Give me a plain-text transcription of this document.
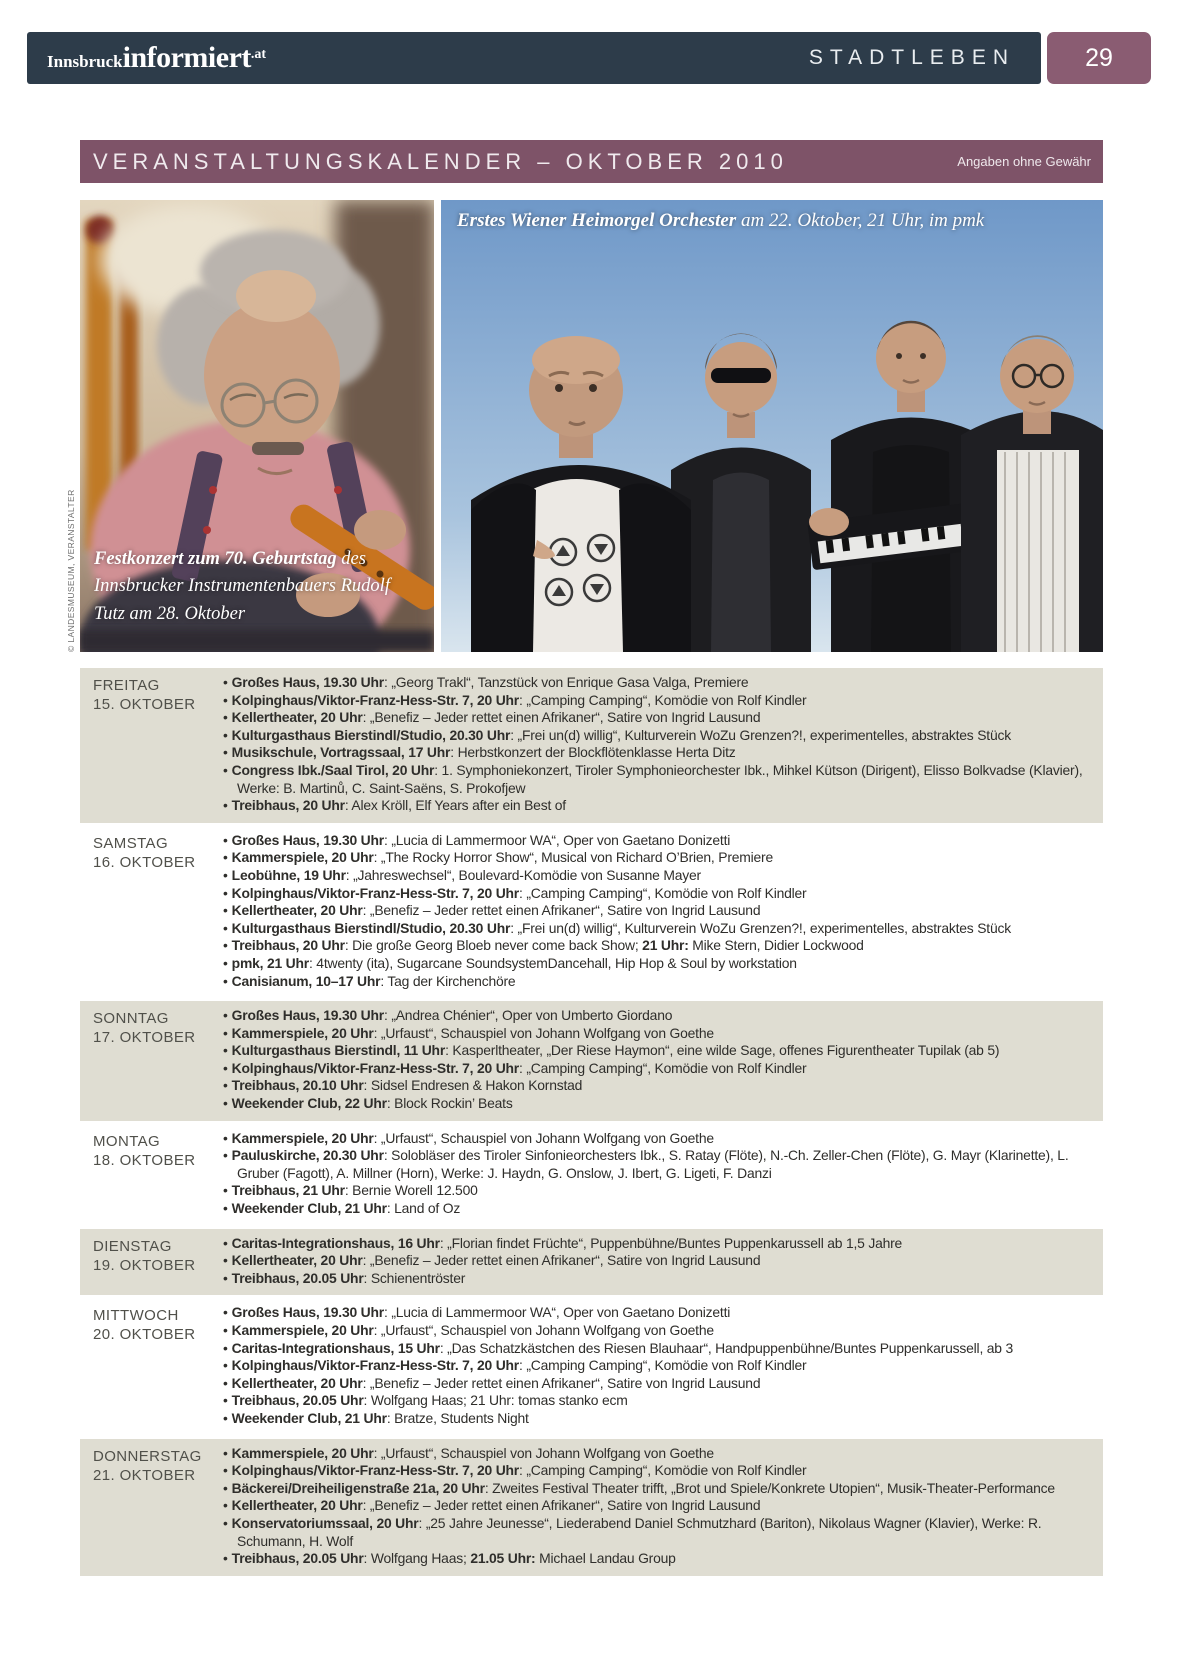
Innsbruckinformiert.at	STADTLEBEN	29
VERANSTALTUNGSKALENDER – OKTOBER 2010	Angaben ohne Gewähr
Festkonzert zum 70. Geburtstag des Innsbrucker Instrumentenbauers Rudolf Tutz am 28. Oktober
Erstes Wiener Heimorgel Orchester am 22. Oktober, 21 Uhr, im pmk
© LANDESMUSEUM, VERANSTALTER
FREITAG
15. OKTOBER
• Großes Haus, 19.30 Uhr: „Georg Trakl“, Tanzstück von Enrique Gasa Valga, Premiere
• Kolpinghaus/Viktor-Franz-Hess-Str. 7, 20 Uhr: „Camping Camping“, Komödie von Rolf Kindler
• Kellertheater, 20 Uhr: „Benefiz – Jeder rettet einen Afrikaner“, Satire von Ingrid Lausund
• Kulturgasthaus Bierstindl/Studio, 20.30 Uhr: „Frei un(d) willig“, Kulturverein WoZu Grenzen?!, experimentelles, abstraktes Stück
• Musikschule, Vortragssaal, 17 Uhr: Herbstkonzert der Blockflötenklasse Herta Ditz
• Congress Ibk./Saal Tirol, 20 Uhr: 1. Symphoniekonzert, Tiroler Symphonieorchester Ibk., Mihkel Kütson (Dirigent), Elisso Bolkvadse (Klavier), Werke: B. Martinů, C. Saint-Saëns, S. Prokofjew
• Treibhaus, 20 Uhr: Alex Kröll, Elf Years after ein Best of
SAMSTAG
16. OKTOBER
• Großes Haus, 19.30 Uhr: „Lucia di Lammermoor WA“, Oper von Gaetano Donizetti
• Kammerspiele, 20 Uhr: „The Rocky Horror Show“, Musical von Richard O’Brien, Premiere
• Leobühne, 19 Uhr: „Jahreswechsel“, Boulevard-Komödie von Susanne Mayer
• Kolpinghaus/Viktor-Franz-Hess-Str. 7, 20 Uhr: „Camping Camping“, Komödie von Rolf Kindler
• Kellertheater, 20 Uhr: „Benefiz – Jeder rettet einen Afrikaner“, Satire von Ingrid Lausund
• Kulturgasthaus Bierstindl/Studio, 20.30 Uhr: „Frei un(d) willig“, Kulturverein WoZu Grenzen?!, experimentelles, abstraktes Stück
• Treibhaus, 20 Uhr: Die große Georg Bloeb never come back Show; 21 Uhr: Mike Stern, Didier Lockwood
• pmk, 21 Uhr: 4twenty (ita), Sugarcane SoundsystemDancehall, Hip Hop & Soul by workstation
• Canisianum, 10–17 Uhr: Tag der Kirchenchöre
SONNTAG
17. OKTOBER
• Großes Haus, 19.30 Uhr: „Andrea Chénier“, Oper von Umberto Giordano
• Kammerspiele, 20 Uhr: „Urfaust“, Schauspiel von Johann Wolfgang von Goethe
• Kulturgasthaus Bierstindl, 11 Uhr: Kasperltheater, „Der Riese Haymon“, eine wilde Sage, offenes Figurentheater Tupilak (ab 5)
• Kolpinghaus/Viktor-Franz-Hess-Str. 7, 20 Uhr: „Camping Camping“, Komödie von Rolf Kindler
• Treibhaus, 20.10 Uhr: Sidsel Endresen & Hakon Kornstad
• Weekender Club, 22 Uhr: Block Rockin’ Beats
MONTAG
18. OKTOBER
• Kammerspiele, 20 Uhr: „Urfaust“, Schauspiel von Johann Wolfgang von Goethe
• Pauluskirche, 20.30 Uhr: Solobläser des Tiroler Sinfonieorchesters Ibk., S. Ratay (Flöte), N.-Ch. Zeller-Chen (Flöte), G. Mayr (Klarinette), L. Gruber (Fagott), A. Millner (Horn), Werke: J. Haydn, G. Onslow, J. Ibert, G. Ligeti, F. Danzi
• Treibhaus, 21 Uhr: Bernie Worell 12.500
• Weekender Club, 21 Uhr: Land of Oz
DIENSTAG
19. OKTOBER
• Caritas-Integrationshaus, 16 Uhr: „Florian findet Früchte“, Puppenbühne/Buntes Puppenkarussell ab 1,5 Jahre
• Kellertheater, 20 Uhr: „Benefiz – Jeder rettet einen Afrikaner“, Satire von Ingrid Lausund
• Treibhaus, 20.05 Uhr: Schienentröster
MITTWOCH
20. OKTOBER
• Großes Haus, 19.30 Uhr: „Lucia di Lammermoor WA“, Oper von Gaetano Donizetti
• Kammerspiele, 20 Uhr: „Urfaust“, Schauspiel von Johann Wolfgang von Goethe
• Caritas-Integrationshaus, 15 Uhr: „Das Schatzkästchen des Riesen Blauhaar“, Handpuppenbühne/Buntes Puppenkarussell, ab 3
• Kolpinghaus/Viktor-Franz-Hess-Str. 7, 20 Uhr: „Camping Camping“, Komödie von Rolf Kindler
• Kellertheater, 20 Uhr: „Benefiz – Jeder rettet einen Afrikaner“, Satire von Ingrid Lausund
• Treibhaus, 20.05 Uhr: Wolfgang Haas; 21 Uhr: tomas stanko ecm
• Weekender Club, 21 Uhr: Bratze, Students Night
DONNERSTAG
21. OKTOBER
• Kammerspiele, 20 Uhr: „Urfaust“, Schauspiel von Johann Wolfgang von Goethe
• Kolpinghaus/Viktor-Franz-Hess-Str. 7, 20 Uhr: „Camping Camping“, Komödie von Rolf Kindler
• Bäckerei/Dreiheiligenstraße 21a, 20 Uhr: Zweites Festival Theater trifft, „Brot und Spiele/Konkrete Utopien“, Musik-Theater-Performance
• Kellertheater, 20 Uhr: „Benefiz – Jeder rettet einen Afrikaner“, Satire von Ingrid Lausund
• Konservatoriumssaal, 20 Uhr: „25 Jahre Jeunesse“, Liederabend Daniel Schmutzhard (Bariton), Nikolaus Wagner (Klavier), Werke: R. Schumann, H. Wolf
• Treibhaus, 20.05 Uhr: Wolfgang Haas; 21.05 Uhr: Michael Landau Group
